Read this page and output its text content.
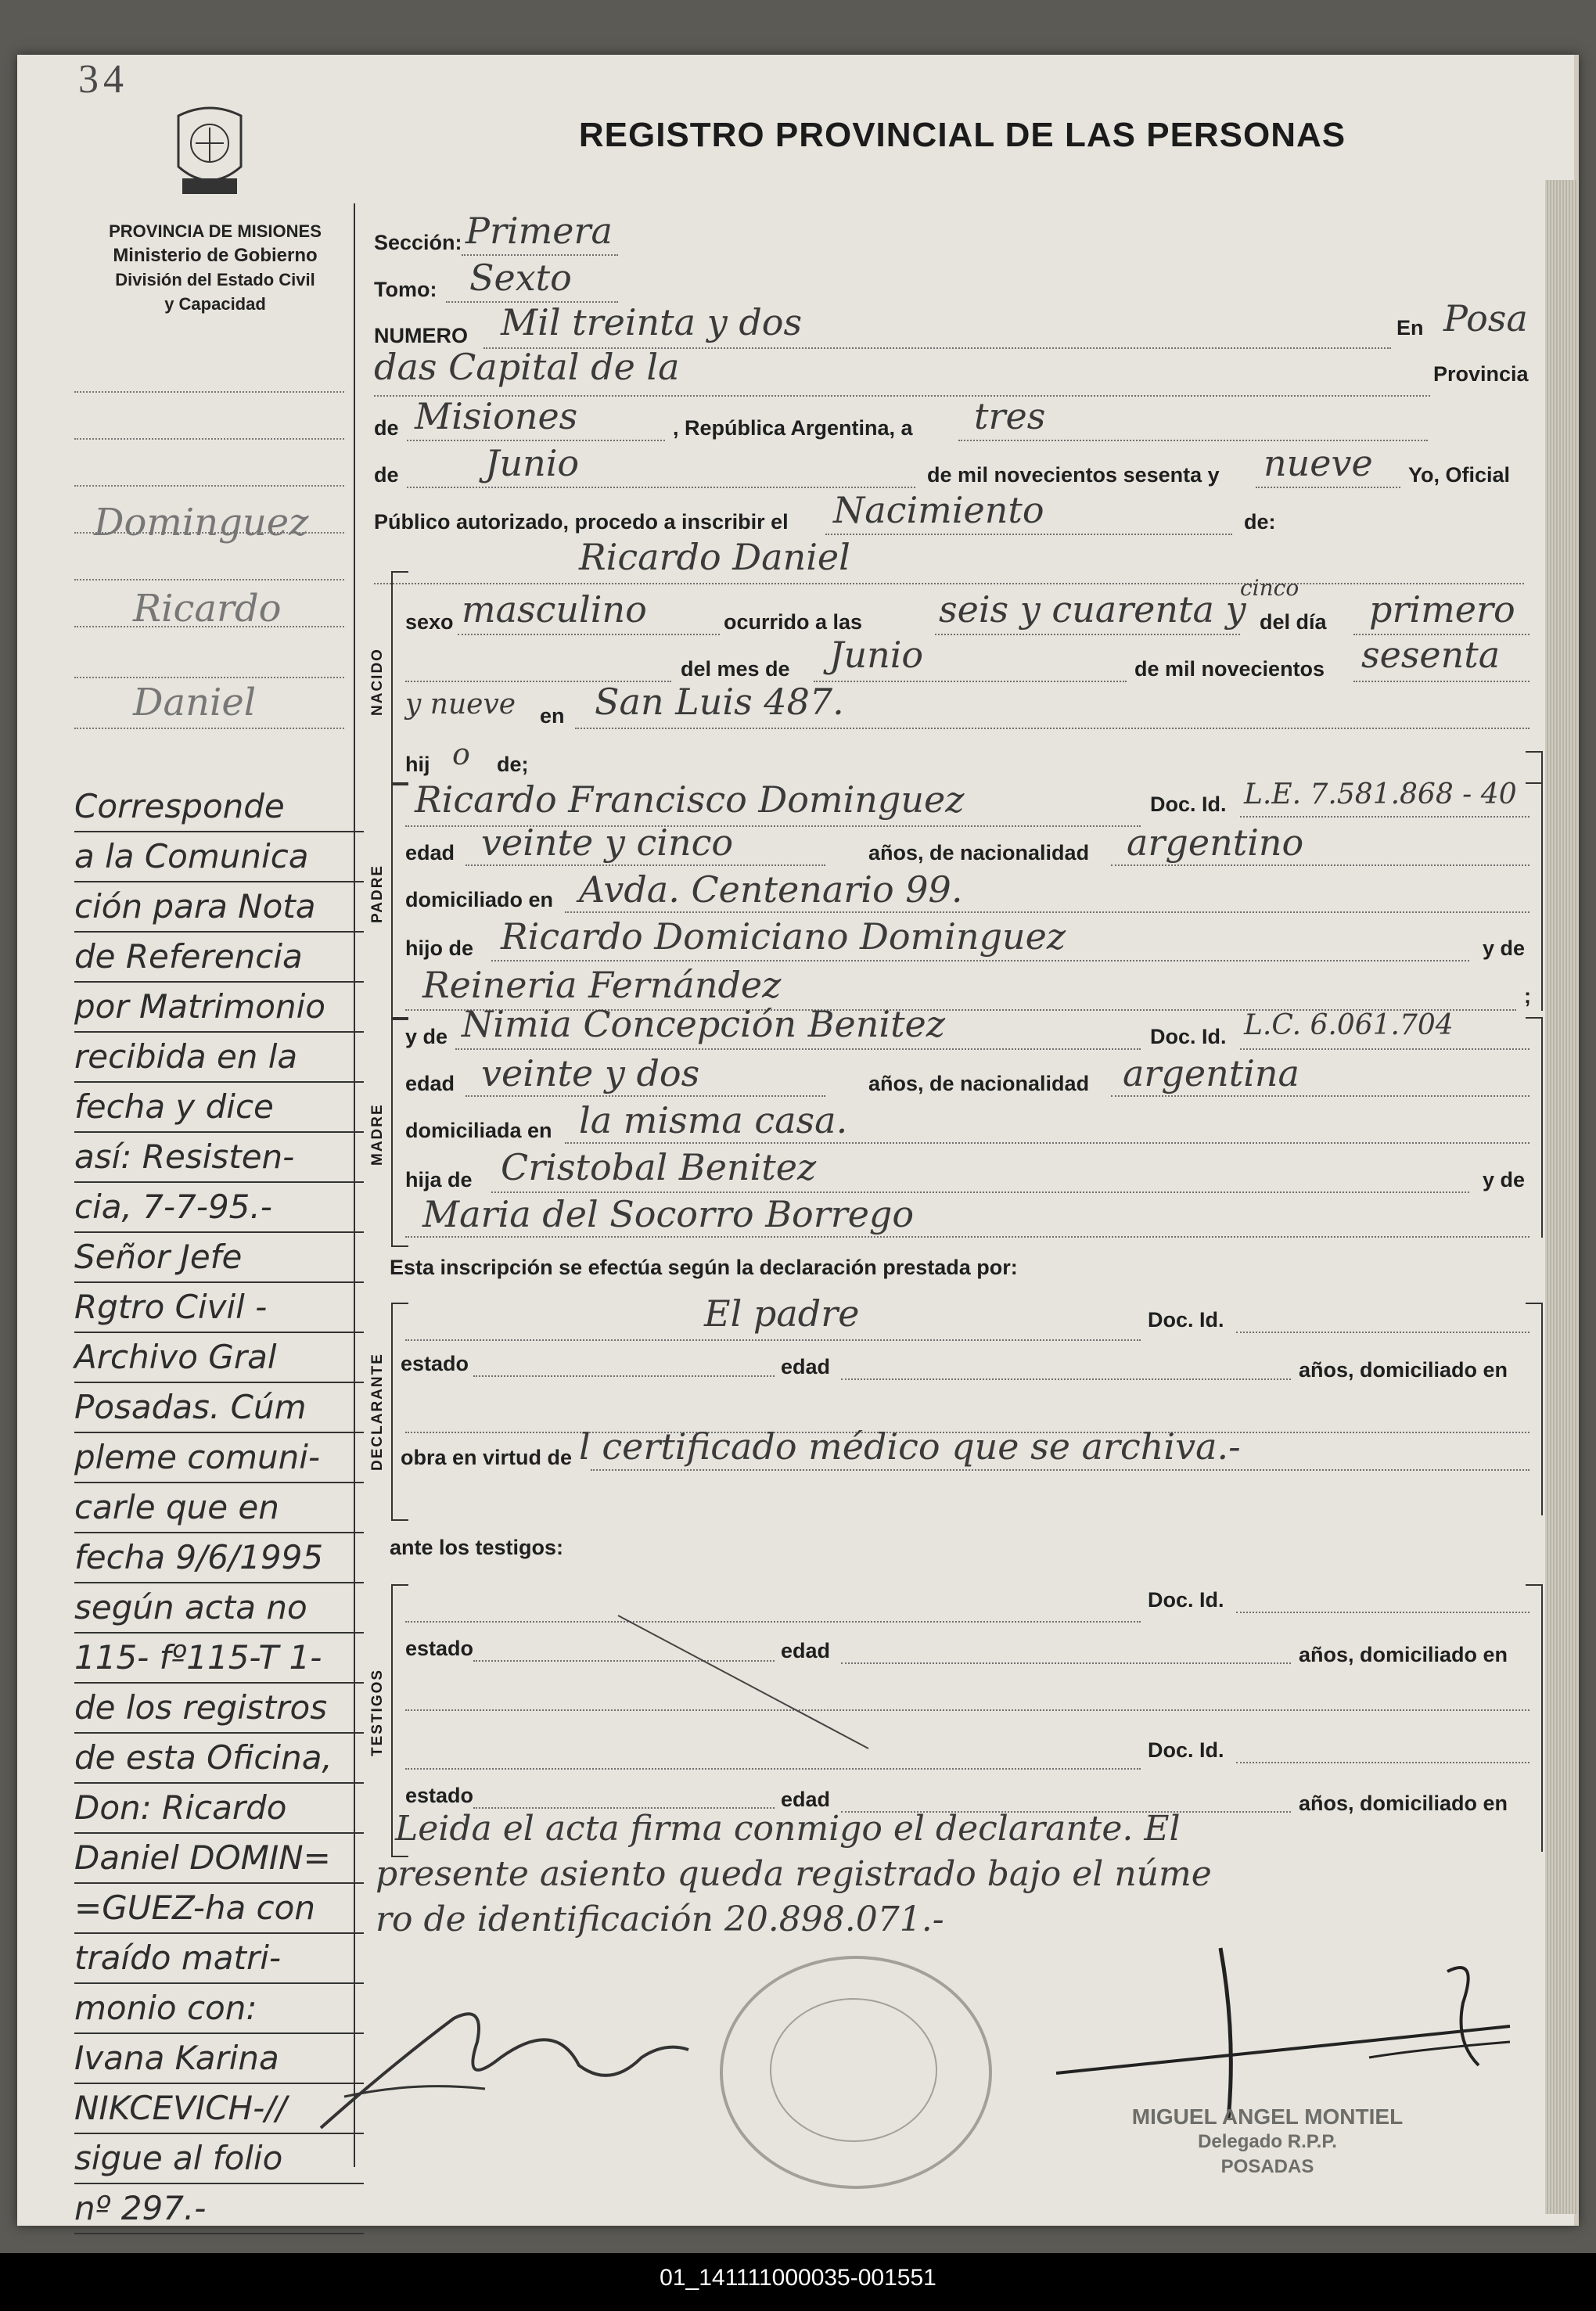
34
PROVINCIA DE MISIONES
Ministerio de Gobierno
División del Estado Civil
y Capacidad
REGISTRO PROVINCIAL DE LAS PERSONAS
Dominguez
Ricardo
Daniel
Corresponde
a la Comunica
ción para Nota
de Referencia
por Matrimonio
recibida en la
fecha y dice
así: Resisten-
cia, 7-7-95.-
Señor Jefe
Rgtro Civil -
Archivo Gral
Posadas. Cúm
pleme comuni-
carle que en
fecha 9/6/1995
según acta no
115- fº115-T 1-
de los registros
de esta Oficina,
Don: Ricardo
Daniel DOMIN=
=GUEZ-ha con
traído matri-
monio con:
Ivana Karina
NIKCEVICH-//
sigue al folio
nº 297.-
Sección: Primera
Tomo: Sexto
NUMERO Mil treinta y dos	En Posa
das Capital de la	Provincia
de Misiones	, República Argentina, a tres
de Junio	de mil novecientos sesenta y nueve Yo, Oficial
Público autorizado, procedo a inscribir el Nacimiento	de:
Ricardo Daniel
NACIDO
sexo masculino	ocurrido a las seis y cuarenta y
cinco
del día primero
del mes de Junio	de mil novecientos sesenta
y nueve en San Luis 487.
hij o de;
PADRE
Ricardo Francisco Dominguez	Doc. Id. L.E. 7.581.868 - 40
edad veinte y cinco	años, de nacionalidad argentino
domiciliado en Avda. Centenario 99.
hijo de Ricardo Domiciano Dominguez	y de
Reineria Fernández	;
MADRE
y de Nimia Concepción Benitez	Doc. Id. L.C. 6.061.704
edad veinte y dos	años, de nacionalidad argentina
domiciliada en la misma casa.
hija de Cristobal Benitez	y de
Maria del Socorro Borrego
Esta inscripción se efectúa según la declaración prestada por:
DECLARANTE
El padre	Doc. Id.
estado	edad	años, domiciliado en
obra en virtud de l certificado médico que se archiva.-
ante los testigos:
TESTIGOS
Doc. Id.
estado	edad	años, domiciliado en
Doc. Id.
estado	edad	años, domiciliado en
Leida el acta firma conmigo el declarante. El
presente asiento queda registrado bajo el núme
ro de identificación 20.898.071.-
MIGUEL ANGEL MONTIEL
Delegado R.P.P.
POSADAS
01_141111000035-001551
